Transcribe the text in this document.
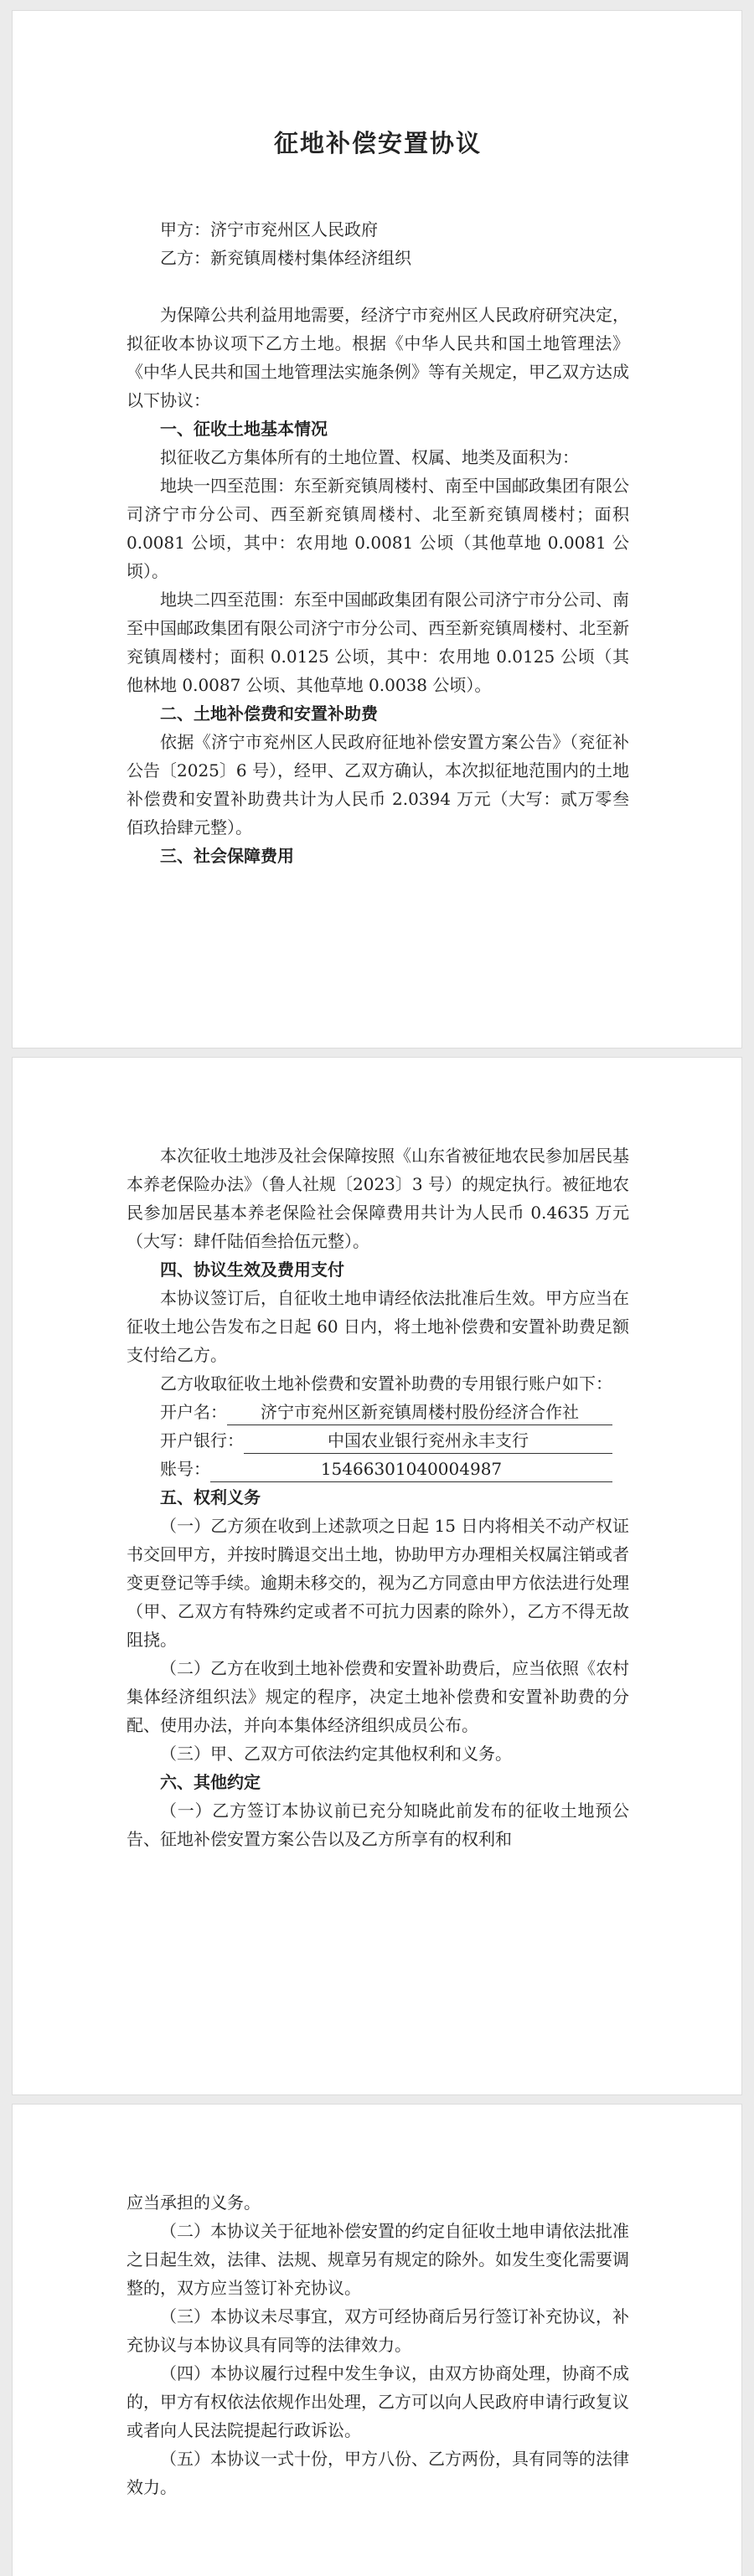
征地补偿安置协议

甲方：济宁市兖州区人民政府

乙方：新兖镇周楼村集体经济组织

为保障公共利益用地需要，经济宁市兖州区人民政府研究决定，拟征收本协议项下乙方土地。根据《中华人民共和国土地管理法》《中华人民共和国土地管理法实施条例》等有关规定，甲乙双方达成以下协议：

一、征收土地基本情况

拟征收乙方集体所有的土地位置、权属、地类及面积为：

地块一四至范围：东至新兖镇周楼村、南至中国邮政集团有限公司济宁市分公司、西至新兖镇周楼村、北至新兖镇周楼村；面积 0.0081 公顷，其中：农用地 0.0081 公顷（其他草地 0.0081 公顷）。

地块二四至范围：东至中国邮政集团有限公司济宁市分公司、南至中国邮政集团有限公司济宁市分公司、西至新兖镇周楼村、北至新兖镇周楼村；面积 0.0125 公顷，其中：农用地 0.0125 公顷（其他林地 0.0087 公顷、其他草地 0.0038 公顷）。

二、土地补偿费和安置补助费

依据《济宁市兖州区人民政府征地补偿安置方案公告》（兖征补公告〔2025〕6 号），经甲、乙双方确认，本次拟征地范围内的土地补偿费和安置补助费共计为人民币 2.0394 万元（大写：贰万零叁佰玖拾肆元整）。

三、社会保障费用

本次征收土地涉及社会保障按照《山东省被征地农民参加居民基本养老保险办法》（鲁人社规〔2023〕3 号）的规定执行。被征地农民参加居民基本养老保险社会保障费用共计为人民币 0.4635 万元（大写：肆仟陆佰叁拾伍元整）。

四、协议生效及费用支付

本协议签订后，自征收土地申请经依法批准后生效。甲方应当在征收土地公告发布之日起 60 日内，将土地补偿费和安置补助费足额支付给乙方。

乙方收取征收土地补偿费和安置补助费的专用银行账户如下：

开户名： 济宁市兖州区新兖镇周楼村股份经济合作社

开户银行：	中国农业银行兖州永丰支行

账号：	15466301040004987

五、权利义务

（一）乙方须在收到上述款项之日起 15 日内将相关不动产权证书交回甲方，并按时腾退交出土地，协助甲方办理相关权属注销或者变更登记等手续。逾期未移交的，视为乙方同意由甲方依法进行处理（甲、乙双方有特殊约定或者不可抗力因素的除外），乙方不得无故阻挠。

（二）乙方在收到土地补偿费和安置补助费后，应当依照《农村集体经济组织法》规定的程序，决定土地补偿费和安置补助费的分配、使用办法，并向本集体经济组织成员公布。

（三）甲、乙双方可依法约定其他权利和义务。

六、其他约定

（一）乙方签订本协议前已充分知晓此前发布的征收土地预公告、征地补偿安置方案公告以及乙方所享有的权利和

应当承担的义务。

（二）本协议关于征地补偿安置的约定自征收土地申请依法批准之日起生效，法律、法规、规章另有规定的除外。如发生变化需要调整的，双方应当签订补充协议。

（三）本协议未尽事宜，双方可经协商后另行签订补充协议，补充协议与本协议具有同等的法律效力。

（四）本协议履行过程中发生争议，由双方协商处理，协商不成的，甲方有权依法依规作出处理，乙方可以向人民政府申请行政复议或者向人民法院提起行政诉讼。

（五）本协议一式十份，甲方八份、乙方两份，具有同等的法律效力。
